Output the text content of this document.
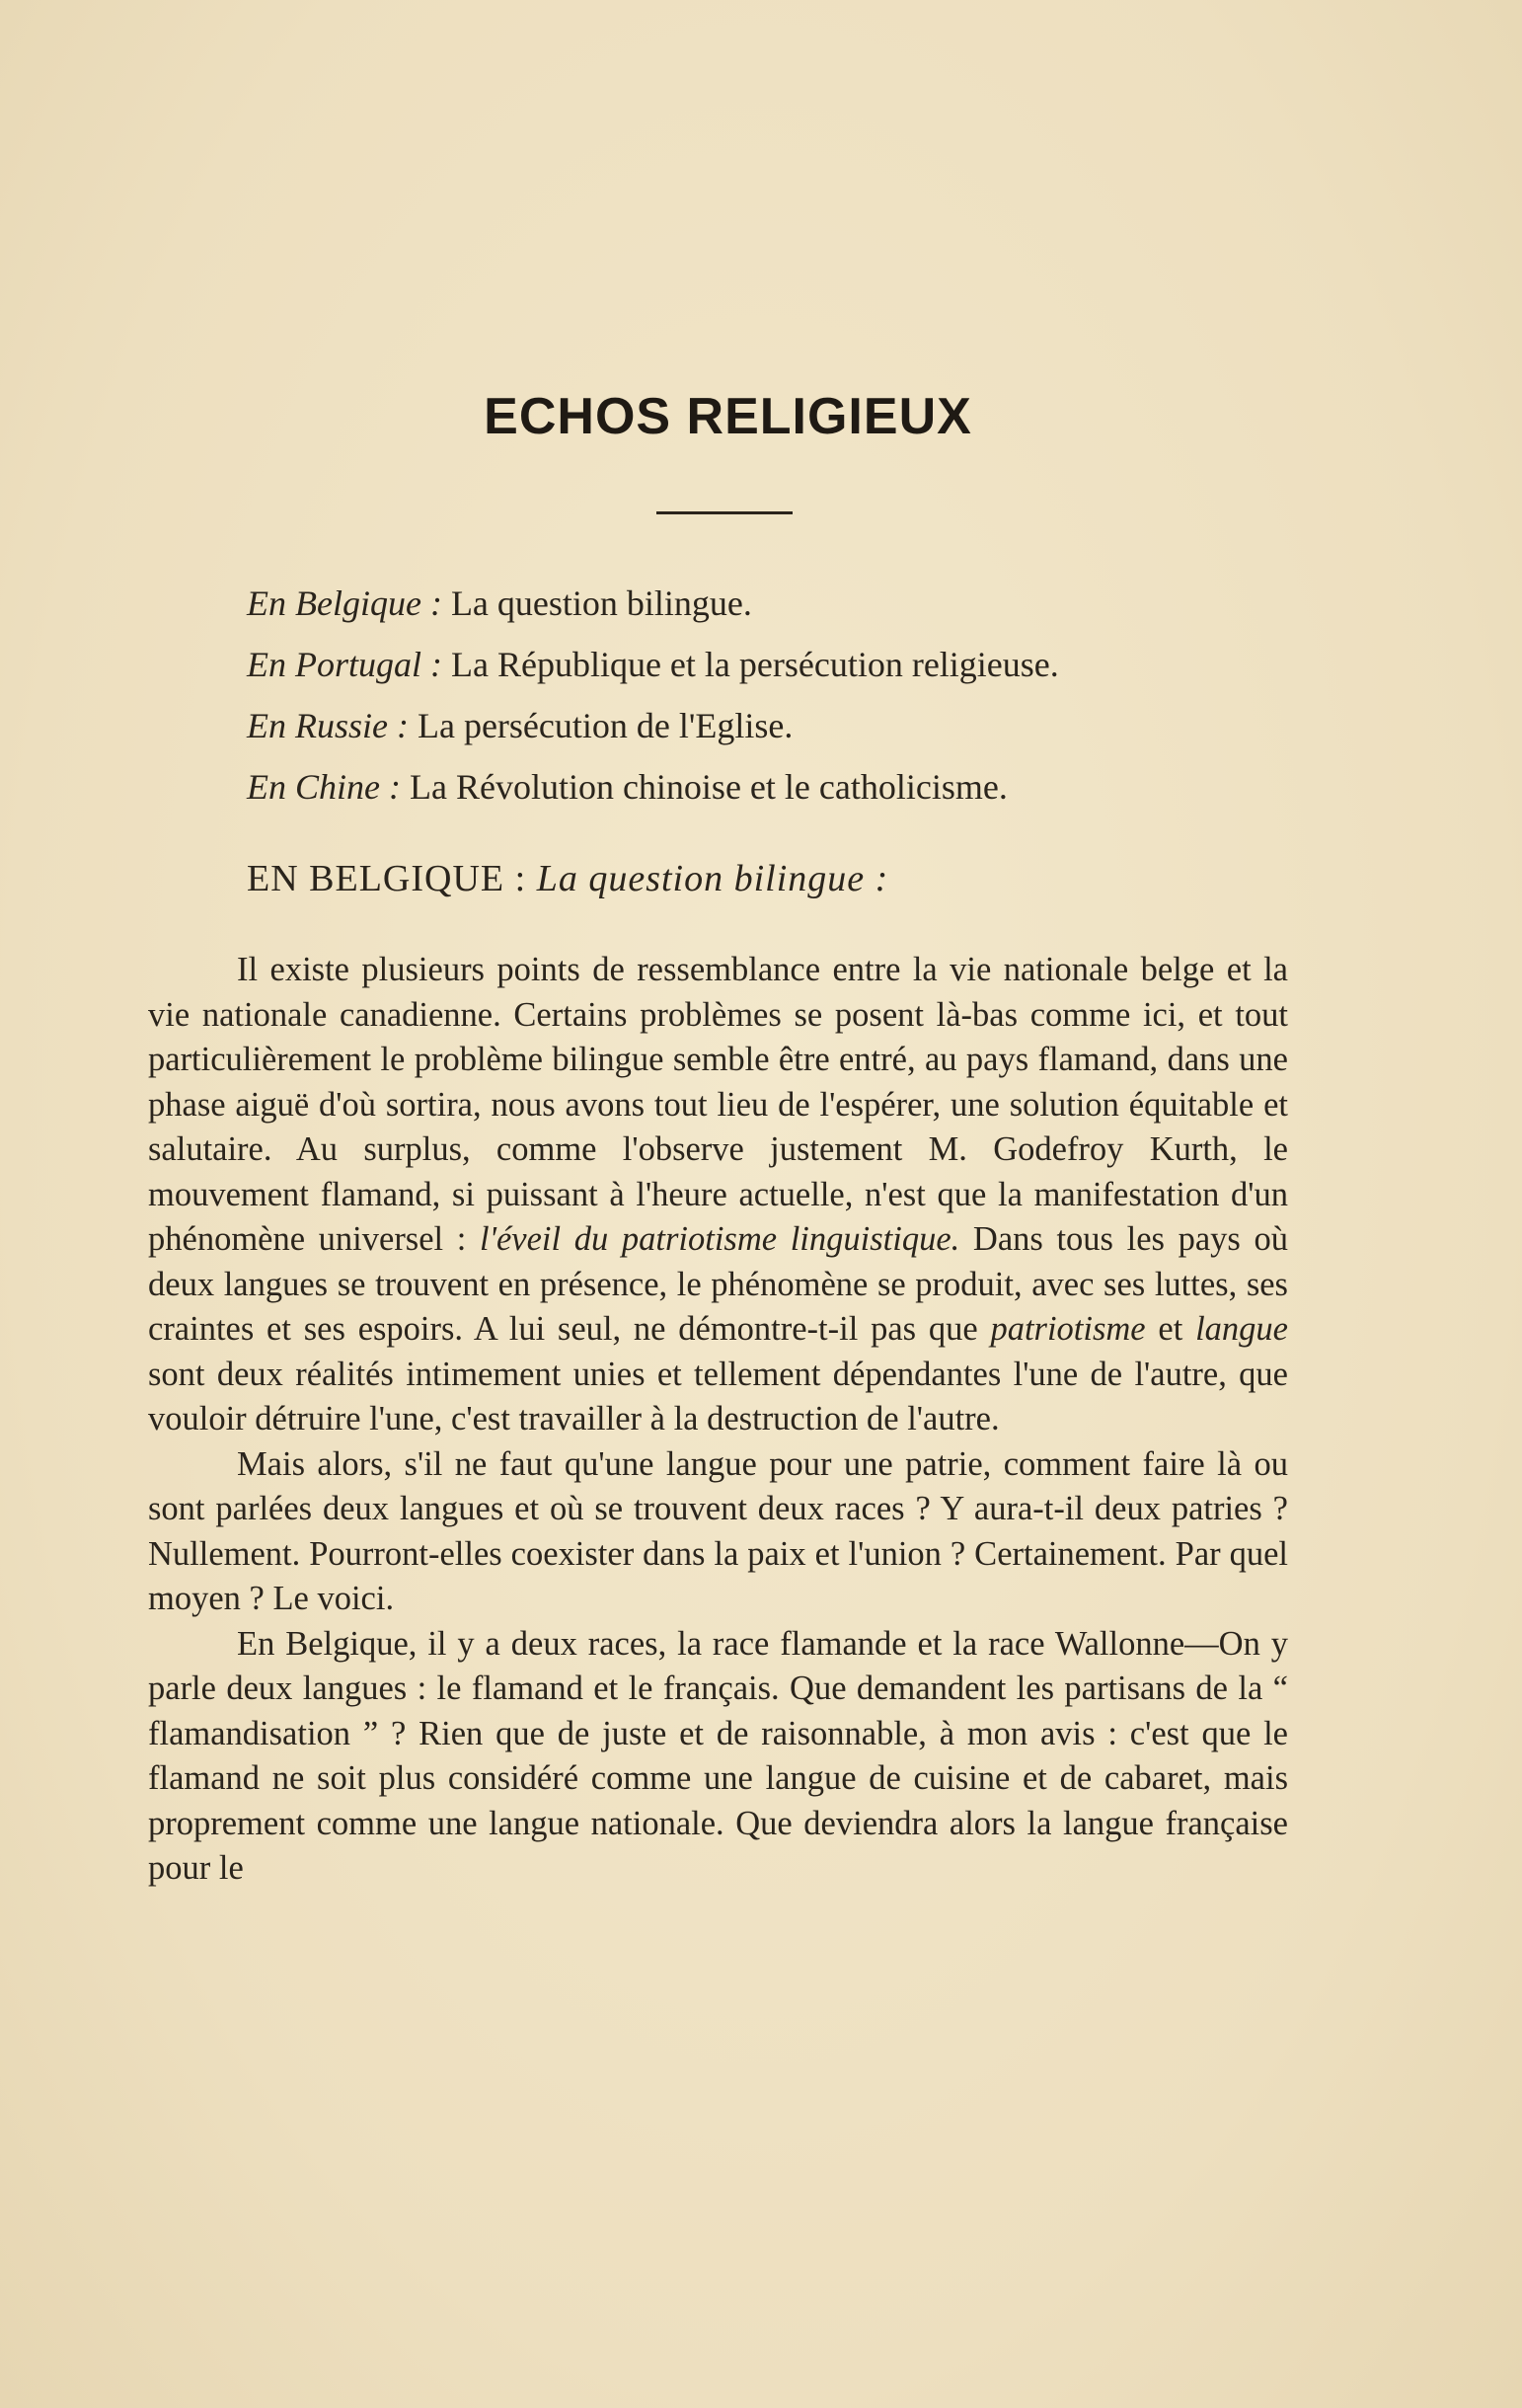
ECHOS RELIGIEUX
En Belgique : La question bilingue.
En Portugal : La République et la persécution religieuse.
En Russie : La persécution de l'Eglise.
En Chine : La Révolution chinoise et le catholicisme.
EN BELGIQUE : La question bilingue :

Il existe plusieurs points de ressemblance entre la vie nationale belge et la vie nationale canadienne. Certains problèmes se posent là-bas comme ici, et tout particulièrement le problème bilingue semble être entré, au pays flamand, dans une phase aiguë d'où sortira, nous avons tout lieu de l'espérer, une solution équitable et salutaire. Au surplus, comme l'observe justement M. Godefroy Kurth, le mouvement flamand, si puissant à l'heure actuelle, n'est que la manifestation d'un phénomène universel : l'éveil du patriotisme linguistique. Dans tous les pays où deux langues se trouvent en présence, le phénomène se produit, avec ses luttes, ses craintes et ses espoirs. A lui seul, ne démontre-t-il pas que patriotisme et langue sont deux réalités intimement unies et tellement dépendantes l'une de l'autre, que vouloir détruire l'une, c'est travailler à la destruction de l'autre.

Mais alors, s'il ne faut qu'une langue pour une patrie, comment faire là ou sont parlées deux langues et où se trouvent deux races ? Y aura-t-il deux patries ? Nullement. Pourront-elles coexister dans la paix et l'union ? Certainement. Par quel moyen ? Le voici.

En Belgique, il y a deux races, la race flamande et la race Wallonne—On y parle deux langues : le flamand et le français. Que demandent les partisans de la “ flamandisation ” ? Rien que de juste et de raisonnable, à mon avis : c'est que le flamand ne soit plus considéré comme une langue de cuisine et de cabaret, mais proprement comme une langue nationale. Que deviendra alors la langue française pour le
